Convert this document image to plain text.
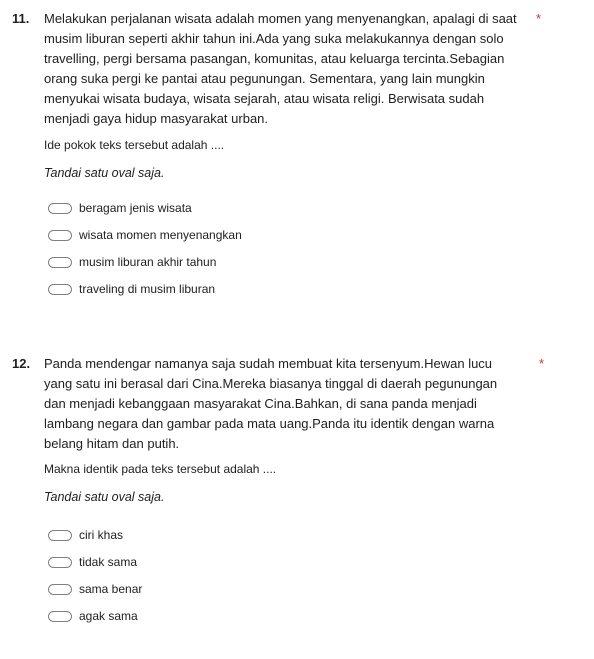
11. Melakukan perjalanan wisata adalah momen yang menyenangkan, apalagi di saat musim liburan seperti akhir tahun ini.Ada yang suka melakukannya dengan solo travelling, pergi bersama pasangan, komunitas, atau keluarga tercinta.Sebagian orang suka pergi ke pantai atau pegunungan. Sementara, yang lain mungkin menyukai wisata budaya, wisata sejarah, atau wisata religi. Berwisata sudah menjadi gaya hidup masyarakat urban.
*
Ide pokok teks tersebut adalah ....
Tandai satu oval saja.
beragam jenis wisata
wisata momen menyenangkan
musim liburan akhir tahun
traveling di musim liburan
12. Panda mendengar namanya saja sudah membuat kita tersenyum.Hewan lucu yang satu ini berasal dari Cina.Mereka biasanya tinggal di daerah pegunungan dan menjadi kebanggaan masyarakat Cina.Bahkan, di sana panda menjadi lambang negara dan gambar pada mata uang.Panda itu identik dengan warna belang hitam dan putih.
*
Makna identik pada teks tersebut adalah ....
Tandai satu oval saja.
ciri khas
tidak sama
sama benar
agak sama
